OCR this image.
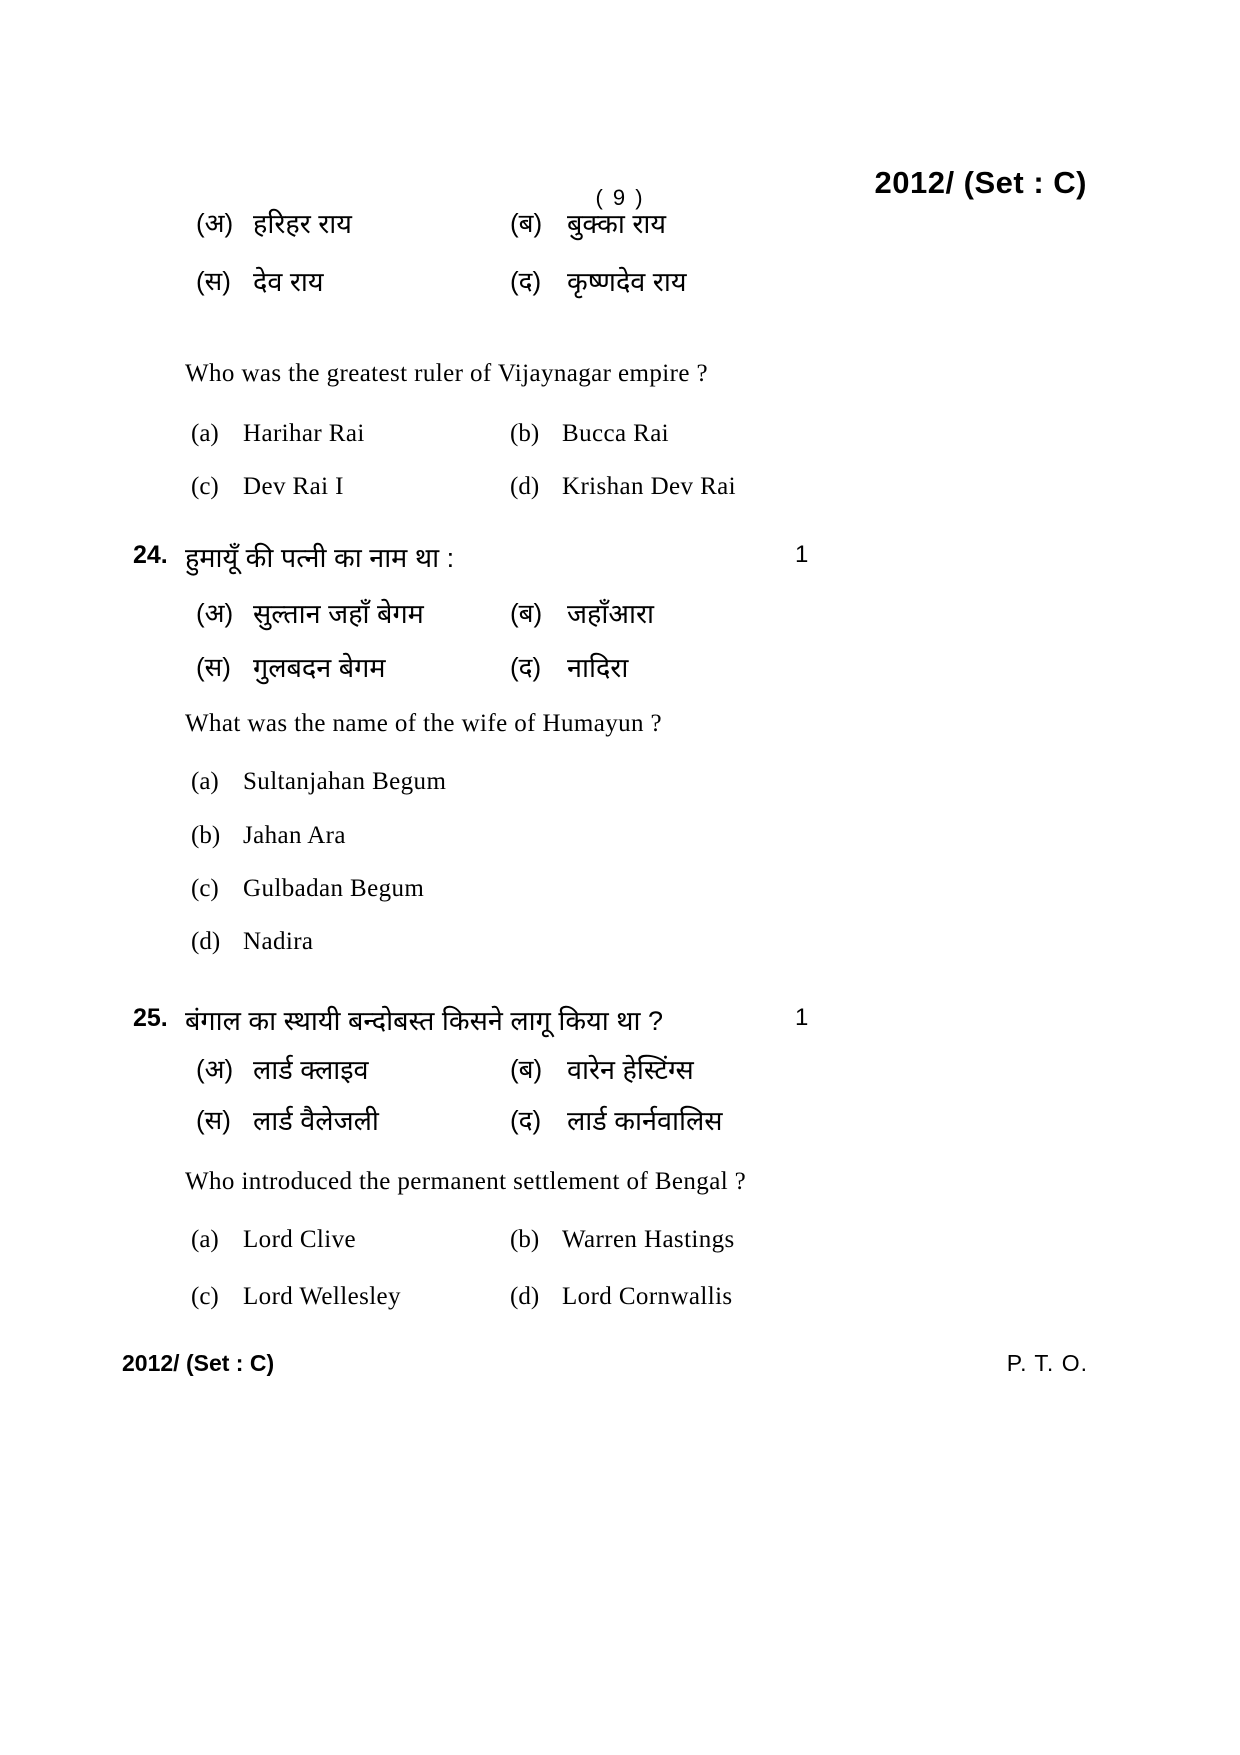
( 9 )	2012/ (Set : C)
(अ) हरिहर राय	(ब) बुक्का राय
(स) देव राय	(द) कृष्णदेव राय
Who was the greatest ruler of Vijaynagar empire ?
(a) Harihar Rai	(b) Bucca Rai
(c) Dev Rai I	(d) Krishan Dev Rai
24. हुमायूँ की पत्नी का नाम था :	1
(अ) सुल्तान जहाँ बेगम	(ब) जहाँआरा
(स) गुलबदन बेगम	(द) नादिरा
What was the name of the wife of Humayun ?
(a) Sultanjahan Begum
(b) Jahan Ara
(c) Gulbadan Begum
(d) Nadira
25. बंगाल का स्थायी बन्दोबस्त किसने लागू किया था ?	1
(अ) लार्ड क्लाइव	(ब) वारेन हेस्टिंग्स
(स) लार्ड वैलेजली	(द) लार्ड कार्नवालिस
Who introduced the permanent settlement of Bengal ?
(a) Lord Clive	(b) Warren Hastings
(c) Lord Wellesley	(d) Lord Cornwallis
2012/ (Set : C)	P. T. O.
